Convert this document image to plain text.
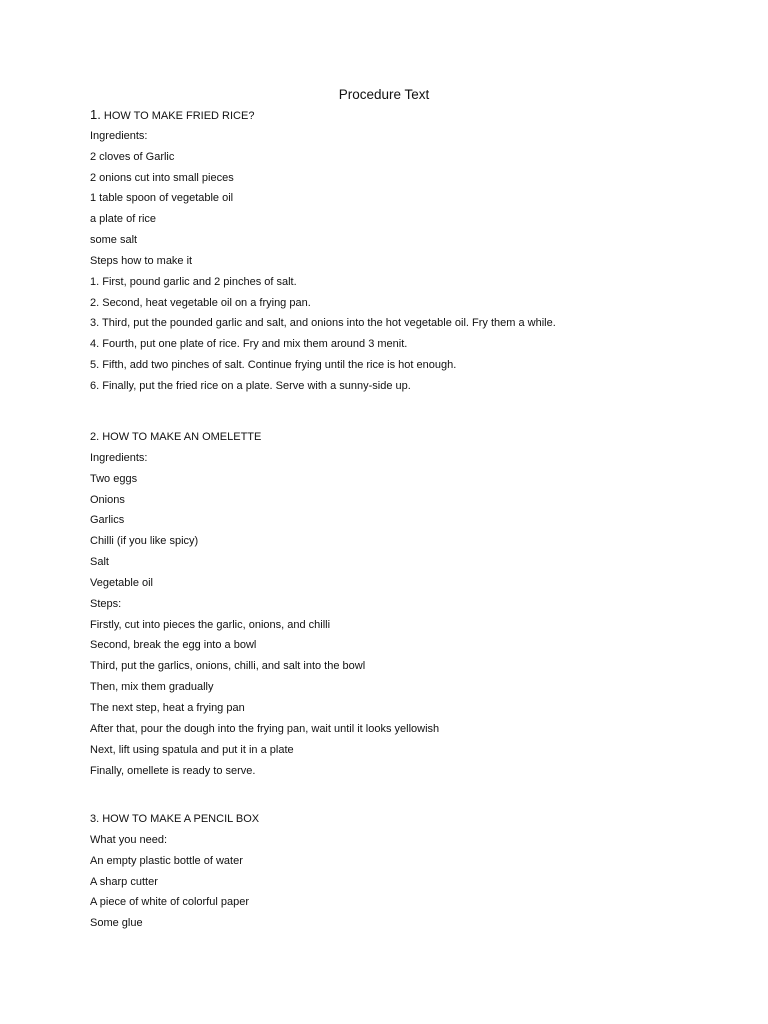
Procedure Text
1. HOW TO MAKE FRIED RICE?
Ingredients:
2 cloves of Garlic
2 onions cut into small pieces
1 table spoon of vegetable oil
a plate of rice
some salt
Steps how to make it
1. First, pound garlic and 2 pinches of salt.
2. Second, heat vegetable oil on a frying pan.
3. Third, put the pounded garlic and salt, and onions into the hot vegetable oil. Fry them a while.
4. Fourth, put one plate of rice. Fry and mix them around 3 menit.
5. Fifth, add two pinches of salt. Continue frying until the rice is hot enough.
6. Finally, put the fried rice on a plate. Serve with a sunny-side up.
2. HOW TO MAKE AN OMELETTE
Ingredients:
Two eggs
Onions
Garlics
Chilli (if you like spicy)
Salt
Vegetable oil
Steps:
Firstly, cut into pieces the garlic, onions, and chilli
Second, break the egg into a bowl
Third, put the garlics, onions, chilli, and salt into the bowl
Then, mix them gradually
The next step, heat a frying pan
After that, pour the dough into the frying pan, wait until it looks yellowish
Next, lift using spatula and put it in a plate
Finally, omellete is ready to serve.
3. HOW TO MAKE A PENCIL BOX
What you need:
An empty plastic bottle of water
A sharp cutter
A piece of white of colorful paper
Some glue
